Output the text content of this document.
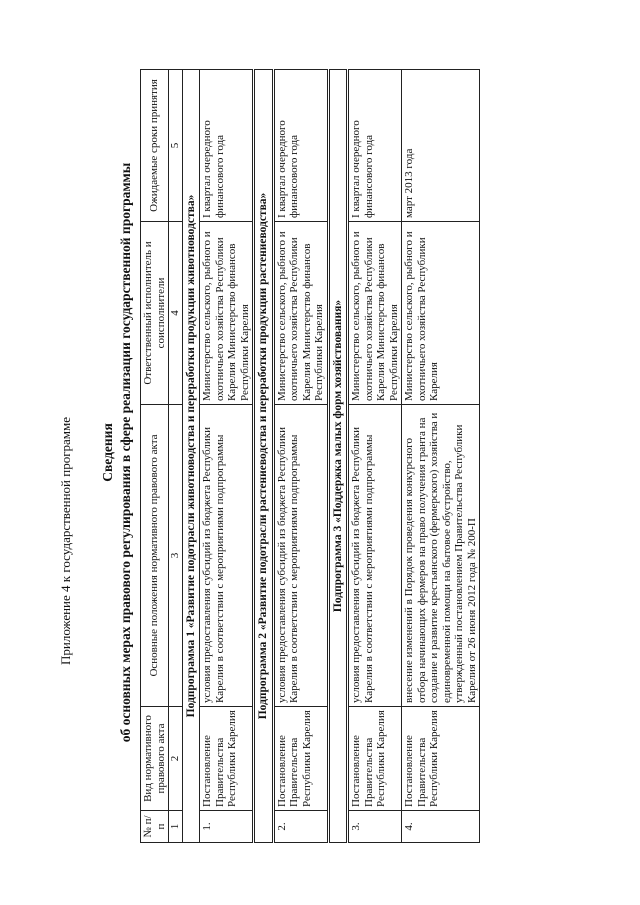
Приложение 4 к государственной программе Сведения об основных мерах правового регулирования в сфере реализации государственной программы
№ п/п	Вид нормативного правового акта	Основные положения нормативного правового акта	Ответственный исполнитель и соисполнители	Ожидаемые сроки принятия
1	2	3	4	5
Подпрограмма 1 «Развитие подотрасли животноводства и переработки продукции животноводства»				
1.	Постановление Правительства Республики Карелия	условия предоставления субсидий из бюджета Республики Карелия в соответствии с мероприятиями подпрограммы	Министерство сельского, рыбного и охотничьего хозяйства Республики Карелия Министерство финансов Республики Карелия	I квартал очередного финансового года
Подпрограмма 2 «Развитие подотрасли растениеводства и переработки продукции растениеводства»				
2.	Постановление Правительства Республики Карелия	условия предоставления субсидий из бюджета Республики Карелия в соответствии с мероприятиями подпрограммы	Министерство сельского, рыбного и охотничьего хозяйства Республики Карелия Министерство финансов Республики Карелия	I квартал очередного финансового года
Подпрограмма 3 «Поддержка малых форм хозяйствования»				
3.	Постановление Правительства Республики Карелия	условия предоставления субсидий из бюджета Республики Карелия в соответствии с мероприятиями подпрограммы	Министерство сельского, рыбного и охотничьего хозяйства Республики Карелия Министерство финансов Республики Карелия	I квартал очередного финансового года
4.	Постановление Правительства Республики Карелия	внесение изменений в Порядок проведения конкурсного отбора начинающих фермеров на право получения гранта на создание и развитие крестьянского (фермерского) хозяйства и единовременной помощи на бытовое обустройство, утвержденный постановлением Правительства Республики Карелия от 26 июня 2012 года № 200-П	Министерство сельского, рыбного и охотничьего хозяйства Республики Карелия	март 2013 года
